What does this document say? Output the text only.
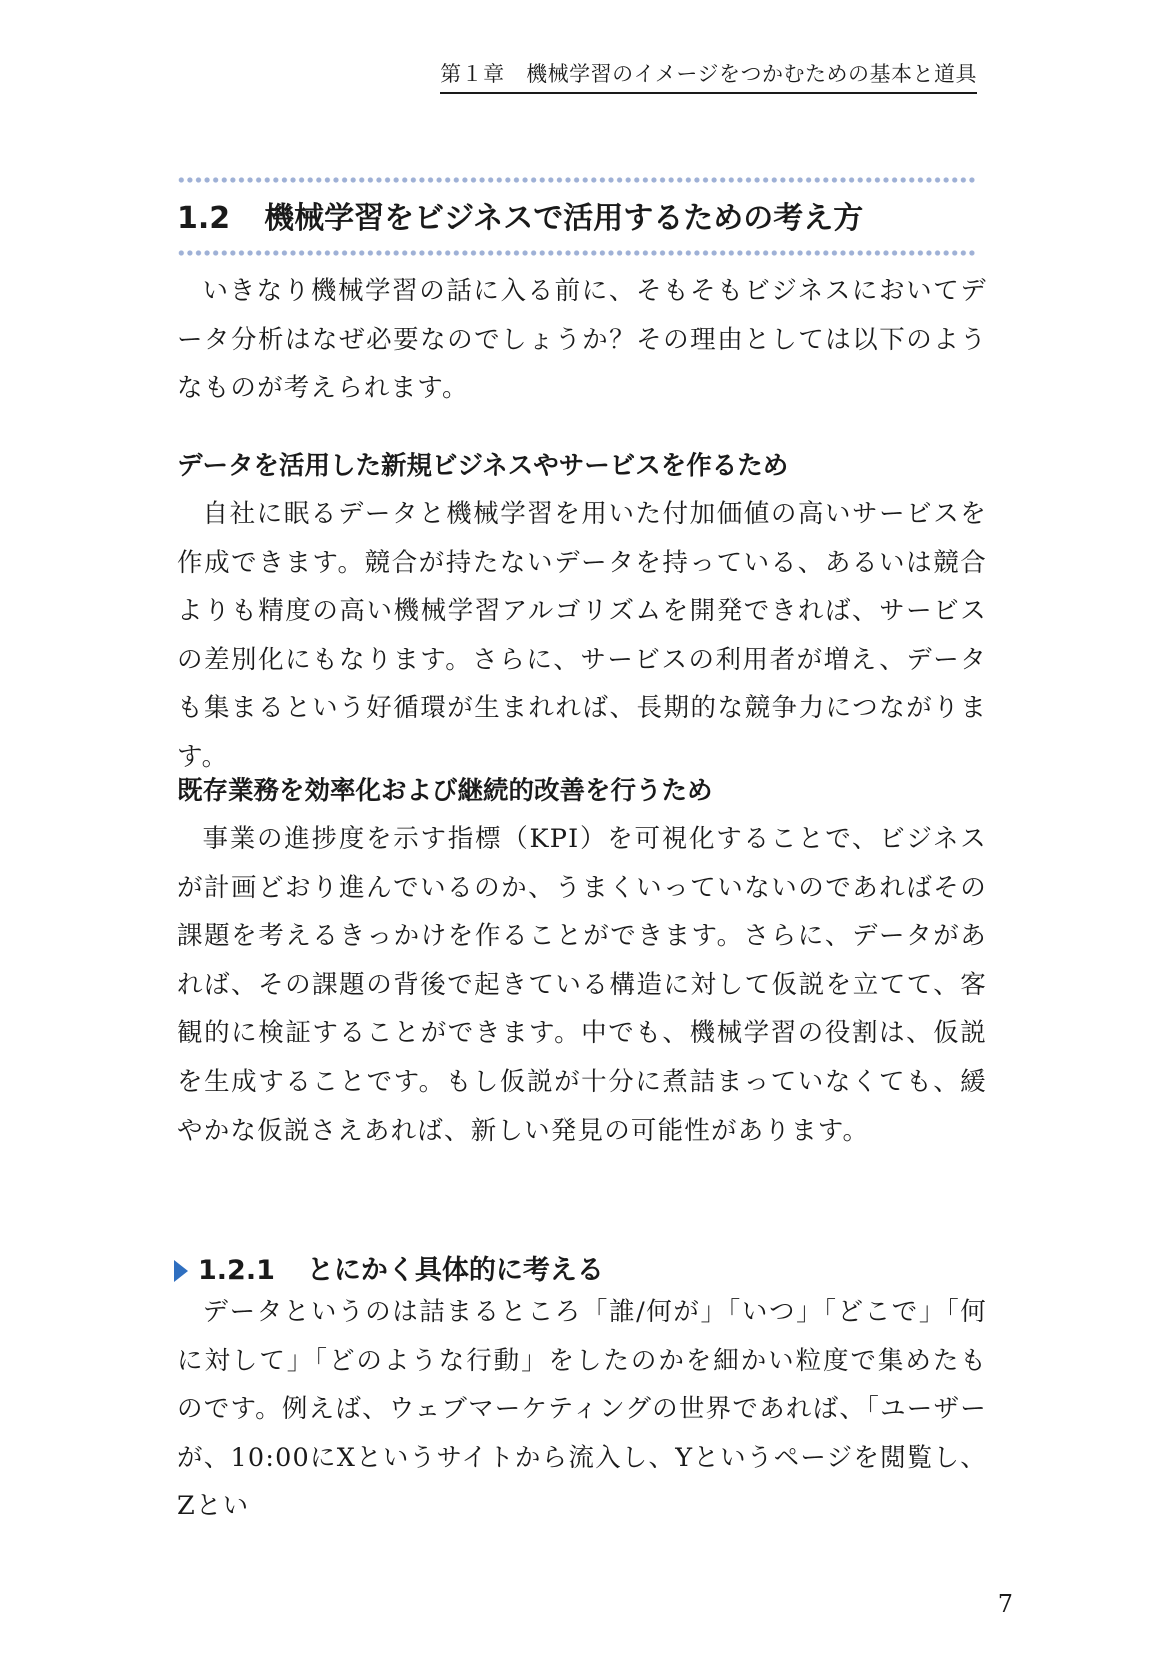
第１章　機械学習のイメージをつかむための基本と道具
1.2 機械学習をビジネスで活用するための考え方

いきなり機械学習の話に入る前に、そもそもビジネスにおいてデータ分析はなぜ必要なのでしょうか？その理由としては以下のようなものが考えられます。

データを活用した新規ビジネスやサービスを作るため

自社に眠るデータと機械学習を用いた付加価値の高いサービスを作成できます。競合が持たないデータを持っている、あるいは競合よりも精度の高い機械学習アルゴリズムを開発できれば、サービスの差別化にもなります。さらに、サービスの利用者が増え、データも集まるという好循環が生まれれば、長期的な競争力につながります。

既存業務を効率化および継続的改善を行うため

事業の進捗度を示す指標（KPI）を可視化することで、ビジネスが計画どおり進んでいるのか、うまくいっていないのであればその課題を考えるきっかけを作ることができます。さらに、データがあれば、その課題の背後で起きている構造に対して仮説を立てて、客観的に検証することができます。中でも、機械学習の役割は、仮説を生成することです。もし仮説が十分に煮詰まっていなくても、緩やかな仮説さえあれば、新しい発見の可能性があります。

1.2.1 とにかく具体的に考える

データというのは詰まるところ「誰/何が」「いつ」「どこで」「何に対して」「どのような行動」をしたのかを細かい粒度で集めたものです。例えば、ウェブマーケティングの世界であれば、「ユーザーが、10:00にXというサイトから流入し、Yというページを閲覧し、Zとい

7
